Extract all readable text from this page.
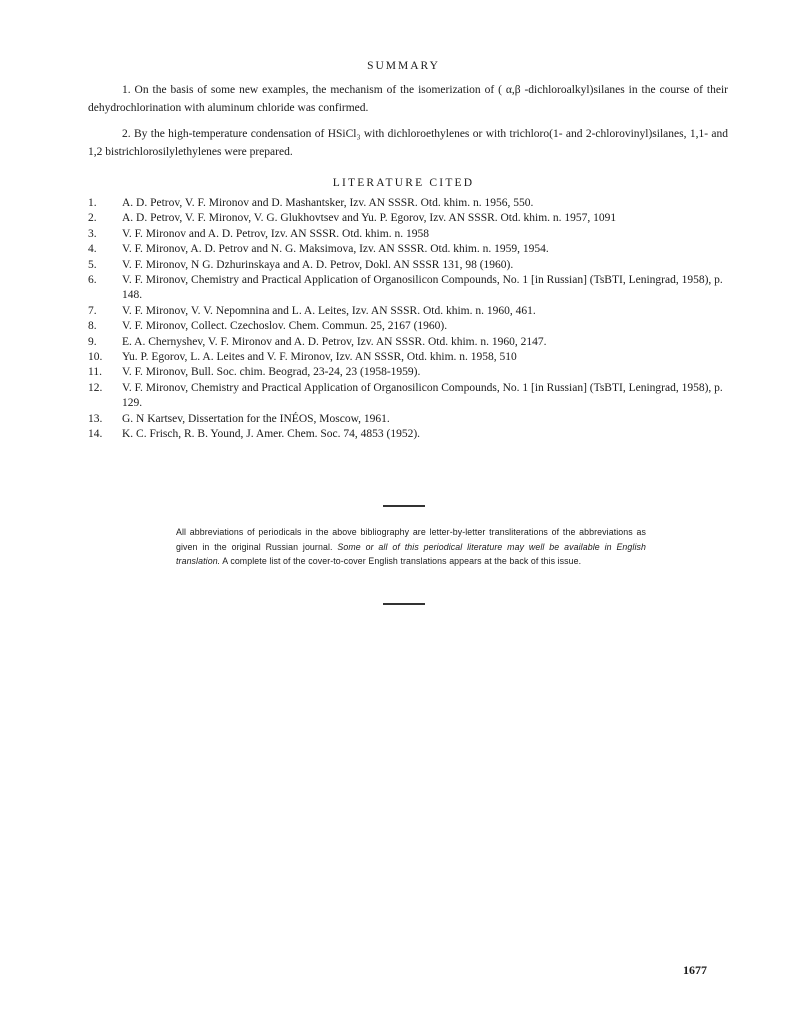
SUMMARY
1. On the basis of some new examples, the mechanism of the isomerization of ( α,β -dichloroalkyl)silanes in the course of their dehydrochlorination with aluminum chloride was confirmed.
2. By the high-temperature condensation of HSiCl₃ with dichloroethylenes or with trichloro(1- and 2-chlorovinyl)silanes, 1,1- and 1,2 bistrichlorosilylethylenes were prepared.
LITERATURE CITED
1.	A. D. Petrov, V. F. Mironov and D. Mashantsker, Izv. AN SSSR. Otd. khim. n. 1956, 550.
2.	A. D. Petrov, V. F. Mironov, V. G. Glukhovtsev and Yu. P. Egorov, Izv. AN SSSR. Otd. khim. n. 1957, 1091
3.	V. F. Mironov and A. D. Petrov, Izv. AN SSSR. Otd. khim. n. 1958
4.	V. F. Mironov, A. D. Petrov and N. G. Maksimova, Izv. AN SSSR. Otd. khim. n. 1959, 1954.
5.	V. F. Mironov, N G. Dzhurinskaya and A. D. Petrov, Dokl. AN SSSR 131, 98 (1960).
6.	V. F. Mironov, Chemistry and Practical Application of Organosilicon Compounds, No. 1 [in Russian] (TsBTI, Leningrad, 1958), p. 148.
7.	V. F. Mironov, V. V. Nepomnina and L. A. Leites, Izv. AN SSSR. Otd. khim. n. 1960, 461.
8.	V. F. Mironov, Collect. Czechoslov. Chem. Commun. 25, 2167 (1960).
9.	E. A. Chernyshev, V. F. Mironov and A. D. Petrov, Izv. AN SSSR. Otd. khim. n. 1960, 2147.
10.	Yu. P. Egorov, L. A. Leites and V. F. Mironov, Izv. AN SSSR, Otd. khim. n. 1958, 510
11.	V. F. Mironov, Bull. Soc. chim. Beograd, 23-24, 23 (1958-1959).
12.	V. F. Mironov, Chemistry and Practical Application of Organosilicon Compounds, No. 1 [in Russian] (TsBTI, Leningrad, 1958), p. 129.
13.	G. N Kartsev, Dissertation for the INÉOS, Moscow, 1961.
14.	K. C. Frisch, R. B. Yound, J. Amer. Chem. Soc. 74, 4853 (1952).
All abbreviations of periodicals in the above bibliography are letter-by-letter transliterations of the abbreviations as given in the original Russian journal. Some or all of this periodical literature may well be available in English translation. A complete list of the cover-to-cover English translations appears at the back of this issue.
1677
